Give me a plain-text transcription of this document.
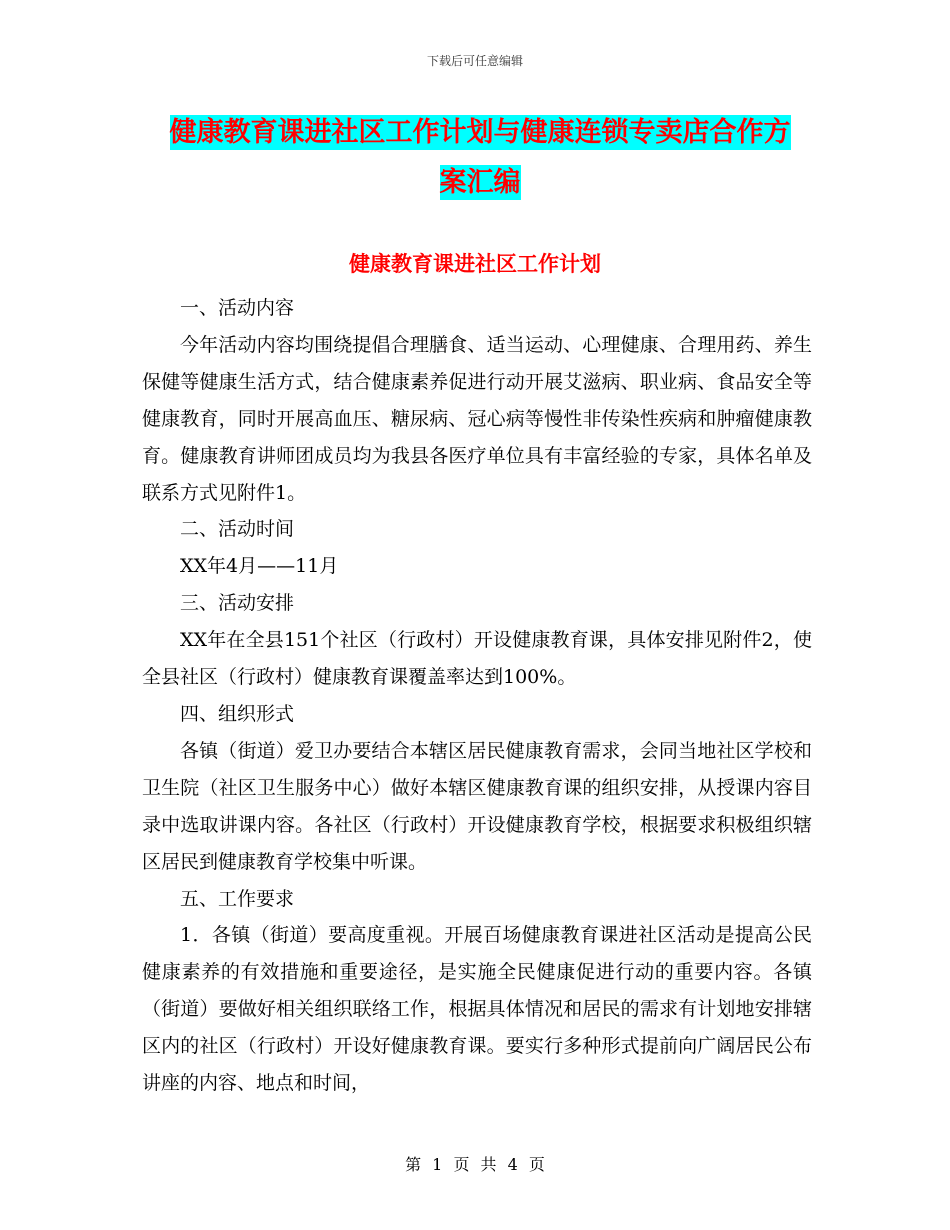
下载后可任意编辑
健康教育课进社区工作计划与健康连锁专卖店合作方
案汇编
健康教育课进社区工作计划

一、活动内容

今年活动内容均围绕提倡合理膳食、适当运动、心理健康、合理用药、养生保健等健康生活方式，结合健康素养促进行动开展艾滋病、职业病、食品安全等健康教育，同时开展高血压、糖尿病、冠心病等慢性非传染性疾病和肿瘤健康教育。健康教育讲师团成员均为我县各医疗单位具有丰富经验的专家，具体名单及联系方式见附件1。

二、活动时间

XX年4月——11月

三、活动安排

XX年在全县151个社区（行政村）开设健康教育课，具体安排见附件2，使全县社区（行政村）健康教育课覆盖率达到100%。

四、组织形式

各镇（街道）爱卫办要结合本辖区居民健康教育需求，会同当地社区学校和卫生院（社区卫生服务中心）做好本辖区健康教育课的组织安排，从授课内容目录中选取讲课内容。各社区（行政村）开设健康教育学校，根据要求积极组织辖区居民到健康教育学校集中听课。

五、工作要求

1．各镇（街道）要高度重视。开展百场健康教育课进社区活动是提高公民健康素养的有效措施和重要途径，是实施全民健康促进行动的重要内容。各镇（街道）要做好相关组织联络工作，根据具体情况和居民的需求有计划地安排辖区内的社区（行政村）开设好健康教育课。要实行多种形式提前向广阔居民公布讲座的内容、地点和时间，

第 1 页 共 4 页
